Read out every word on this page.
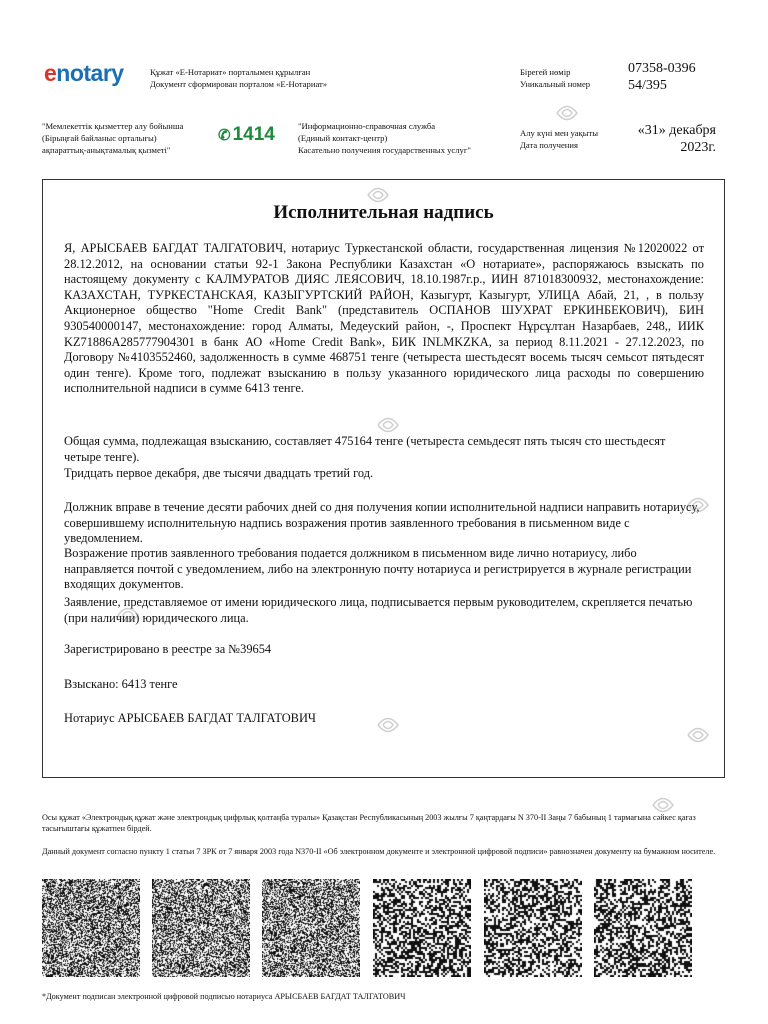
enotary	Құжат «Е-Нотариат» порталымен құрылған
Документ сформирован порталом «Е-Нотариат»
Бірегей нөмір
Уникальный номер
07358-039654/395
"Мемлекеттік қызметтер алу бойынша
(Бірыңғай байланыс орталығы)
ақпараттық-анықтамалық қызметі"
✆ 1414	"Информационно-справочная служба
(Единый контакт-центр)
Касательно получения государственных услуг"
Алу күні мен уақыты
Дата получения
«31» декабря
2023г.
Исполнительная надпись

Я, АРЫСБАЕВ БАГДАТ ТАЛГАТОВИЧ, нотариус Туркестанской области, государственная лицензия №12020022 от 28.12.2012, на основании статьи 92-1 Закона Республики Казахстан «О нотариате», распоряжаюсь взыскать по настоящему документу с КАЛМУРАТОВ ДИЯС ЛЕЯСОВИЧ, 18.10.1987г.р., ИИН 871018300932, местонахождение: КАЗАХСТАН, ТУРКЕСТАНСКАЯ, КАЗЫГУРТСКИЙ РАЙОН, Казыгурт, Казыгурт, УЛИЦА Абай, 21, , в пользу Акционерное общество "Home Credit Bank" (представитель ОСПАНОВ ШУХРАТ ЕРКИНБЕКОВИЧ), БИН 930540000147, местонахождение: город Алматы, Медеуский район, -, Проспект Нұрсұлтан Назарбаев, 248,, ИИК KZ71886A285777904301 в банк АО «Home Credit Bank», БИК INLMKZKA, за период 8.11.2021 - 27.12.2023, по Договору №4103552460, задолженность в сумме 468751 тенге (четыреста шестьдесят восемь тысяч семьсот пятьдесят один тенге). Кроме того, подлежат взысканию в пользу указанного юридического лица расходы по совершению исполнительной надписи в сумме 6413 тенге.

Общая сумма, подлежащая взысканию, составляет 475164 тенге (четыреста семьдесят пять тысяч сто шестьдесят четыре тенге).

Тридцать первое декабря, две тысячи двадцать третий год.

Должник вправе в течение десяти рабочих дней со дня получения копии исполнительной надписи направить нотариусу, совершившему исполнительную надпись возражения против заявленного требования в письменном виде с уведомлением.

Возражение против заявленного требования подается должником в письменном виде лично нотариусу, либо направляется почтой с уведомлением, либо на электронную почту нотариуса и регистрируется в журнале регистрации входящих документов.

Заявление, представляемое от имени юридического лица, подписывается первым руководителем, скрепляется печатью (при наличии) юридического лица.

Зарегистрировано в реестре за №39654

Взыскано: 6413 тенге

Нотариус АРЫСБАЕВ БАГДАТ ТАЛГАТОВИЧ

Осы құжат «Электрондық құжат және электрондық цифрлық қолтаңба туралы» Қазақстан Республикасының 2003 жылғы 7 қаңтардағы N 370-II Заңы 7 бабының 1 тармағына сәйкес қағаз тасығыштағы құжатпен бірдей.
Данный документ согласно пункту 1 статьи 7 ЗРК от 7 января 2003 года N370-II «Об электронном документе и электронной цифровой подписи» равнозначен документу на бумажном носителе.
*Документ подписан электронной цифровой подписью нотариуса АРЫСБАЕВ БАГДАТ ТАЛГАТОВИЧ
